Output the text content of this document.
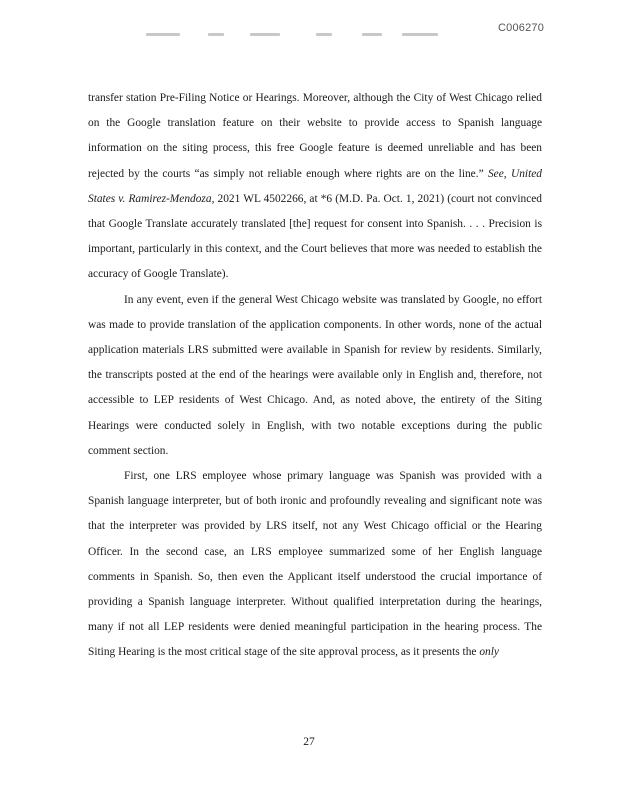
C006270

transfer station Pre-Filing Notice or Hearings. Moreover, although the City of West Chicago relied on the Google translation feature on their website to provide access to Spanish language information on the siting process, this free Google feature is deemed unreliable and has been rejected by the courts “as simply not reliable enough where rights are on the line.” See, United States v. Ramirez-Mendoza, 2021 WL 4502266, at *6 (M.D. Pa. Oct. 1, 2021) (court not convinced that Google Translate accurately translated [the] request for consent into Spanish. . . . Precision is important, particularly in this context, and the Court believes that more was needed to establish the accuracy of Google Translate).

In any event, even if the general West Chicago website was translated by Google, no effort was made to provide translation of the application components. In other words, none of the actual application materials LRS submitted were available in Spanish for review by residents. Similarly, the transcripts posted at the end of the hearings were available only in English and, therefore, not accessible to LEP residents of West Chicago. And, as noted above, the entirety of the Siting Hearings were conducted solely in English, with two notable exceptions during the public comment section.

First, one LRS employee whose primary language was Spanish was provided with a Spanish language interpreter, but of both ironic and profoundly revealing and significant note was that the interpreter was provided by LRS itself, not any West Chicago official or the Hearing Officer. In the second case, an LRS employee summarized some of her English language comments in Spanish. So, then even the Applicant itself understood the crucial importance of providing a Spanish language interpreter. Without qualified interpretation during the hearings, many if not all LEP residents were denied meaningful participation in the hearing process. The Siting Hearing is the most critical stage of the site approval process, as it presents the only

27
